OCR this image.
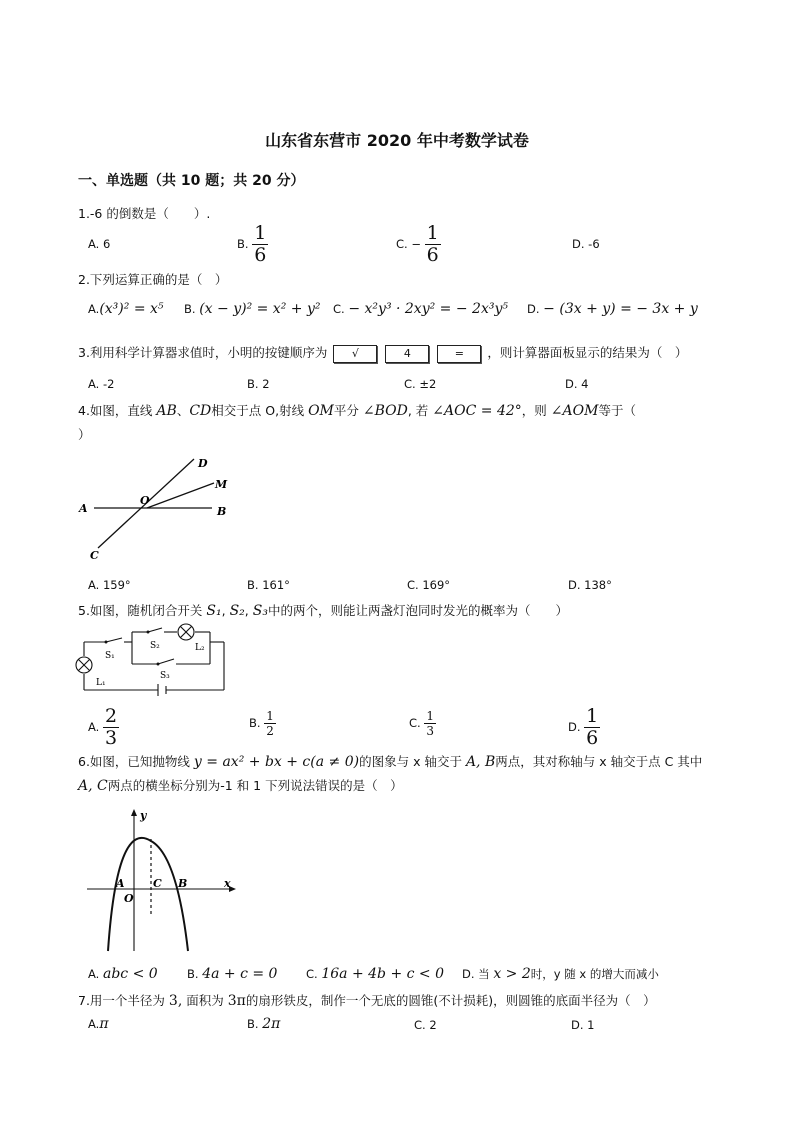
山东省东营市 2020 年中考数学试卷
一、单选题（共 10 题；共 20 分）
1.-6 的倒数是（　　）.
A. 6	B. $\frac{1}{6}$	C. − $\frac{1}{6}$	D. -6
2.下列运算正确的是（　）
A.(x³)² = x⁵ B. (x − y)² = x² + y² C. − x²y³ · 2xy² = − 2x³y⁵ D. − (3x + y) = − 3x + y
3.利用科学计算器求值时，小明的按键顺序为	√
	4
	=	，则计算器面板显示的结果为（　）
A. -2	B. 2	C. ±2	D. 4
4.如图，直线 AB、CD相交于点 O,射线 OM平分 ∠BOD, 若 ∠AOC = 42°，则 ∠AOM等于（
）
A	B
C
D
O
M
A. 159°	B. 161°	C. 169°	D. 138°
5.如图，随机闭合开关 S₁, S₂, S₃中的两个，则能让两盏灯泡同时发光的概率为（　　）
S₁
S₂
S₃
L₁
L₂
A. $\frac{2}{3}$	B. $\frac{1}{2}$	C. $\frac{1}{3}$	D. $\frac{1}{6}$
6.如图，已知抛物线 y = ax² + bx + c(a ≠ 0)的图象与 x 轴交于 A, B两点，其对称轴与 x 轴交于点 C 其中
A, C两点的横坐标分别为-1 和 1 下列说法错误的是（　）
y
x
A
O
C B
A. abc < 0	B. 4a + c = 0 C. 16a + 4b + c < 0 D. 当 x > 2时，y 随 x 的增大而减小
7.用一个半径为 3, 面积为 3π的扇形铁皮，制作一个无底的圆锥(不计损耗)，则圆锥的底面半径为（　）
A.π	B. 2π	C. 2	D. 1
